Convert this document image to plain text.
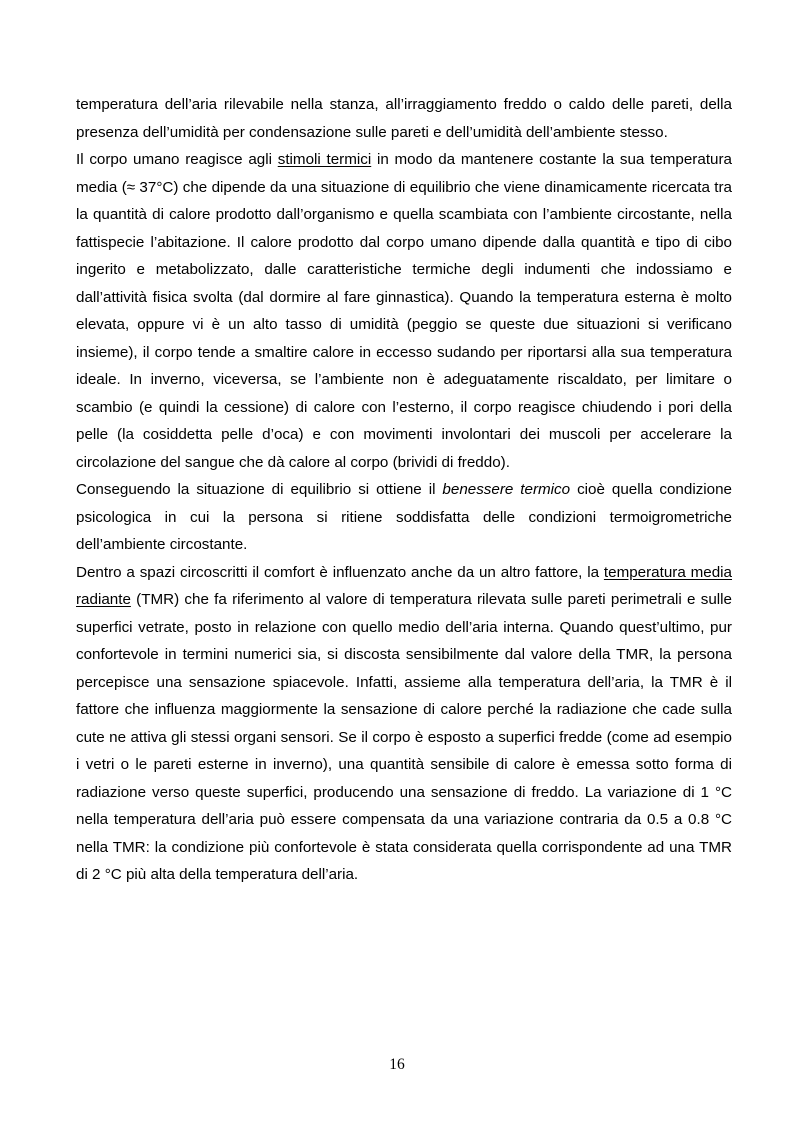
temperatura dell’aria rilevabile nella stanza, all’irraggiamento freddo o caldo delle pareti, della presenza dell’umidità per condensazione sulle pareti e dell’umidità dell’ambiente stesso.

Il corpo umano reagisce agli stimoli termici in modo da mantenere costante la sua temperatura media (≈ 37°C) che dipende da una situazione di equilibrio che viene dinamicamente ricercata tra la quantità di calore prodotto dall’organismo e quella scambiata con l’ambiente circostante, nella fattispecie l’abitazione. Il calore prodotto dal corpo umano dipende dalla quantità e tipo di cibo ingerito e metabolizzato, dalle caratteristiche termiche degli indumenti che indossiamo e dall’attività fisica svolta (dal dormire al fare ginnastica). Quando la temperatura esterna è molto elevata, oppure vi è un alto tasso di umidità (peggio se queste due situazioni si verificano insieme), il corpo tende a smaltire calore in eccesso sudando per riportarsi alla sua temperatura ideale. In inverno, viceversa, se l’ambiente non è adeguatamente riscaldato, per limitare o scambio (e quindi la cessione) di calore con l’esterno, il corpo reagisce chiudendo i pori della pelle (la cosiddetta pelle d’oca) e con movimenti involontari dei muscoli per accelerare la circolazione del sangue che dà calore al corpo (brividi di freddo).

Conseguendo la situazione di equilibrio si ottiene il benessere termico cioè quella condizione psicologica in cui la persona si ritiene soddisfatta delle condizioni termoigrometriche dell’ambiente circostante.

Dentro a spazi circoscritti il comfort è influenzato anche da un altro fattore, la temperatura media radiante (TMR) che fa riferimento al valore di temperatura rilevata sulle pareti perimetrali e sulle superfici vetrate, posto in relazione con quello medio dell’aria interna. Quando quest’ultimo, pur confortevole in termini numerici sia, si discosta sensibilmente dal valore della TMR, la persona percepisce una sensazione spiacevole. Infatti, assieme alla temperatura dell’aria, la TMR è il fattore che influenza maggiormente la sensazione di calore perché la radiazione che cade sulla cute ne attiva gli stessi organi sensori. Se il corpo è esposto a superfici fredde (come ad esempio i vetri o le pareti esterne in inverno), una quantità sensibile di calore è emessa sotto forma di radiazione verso queste superfici, producendo una sensazione di freddo. La variazione di 1 °C nella temperatura dell’aria può essere compensata da una variazione contraria da 0.5 a 0.8 °C nella TMR: la condizione più confortevole è stata considerata quella corrispondente ad una TMR di 2 °C più alta della temperatura dell’aria.

16
